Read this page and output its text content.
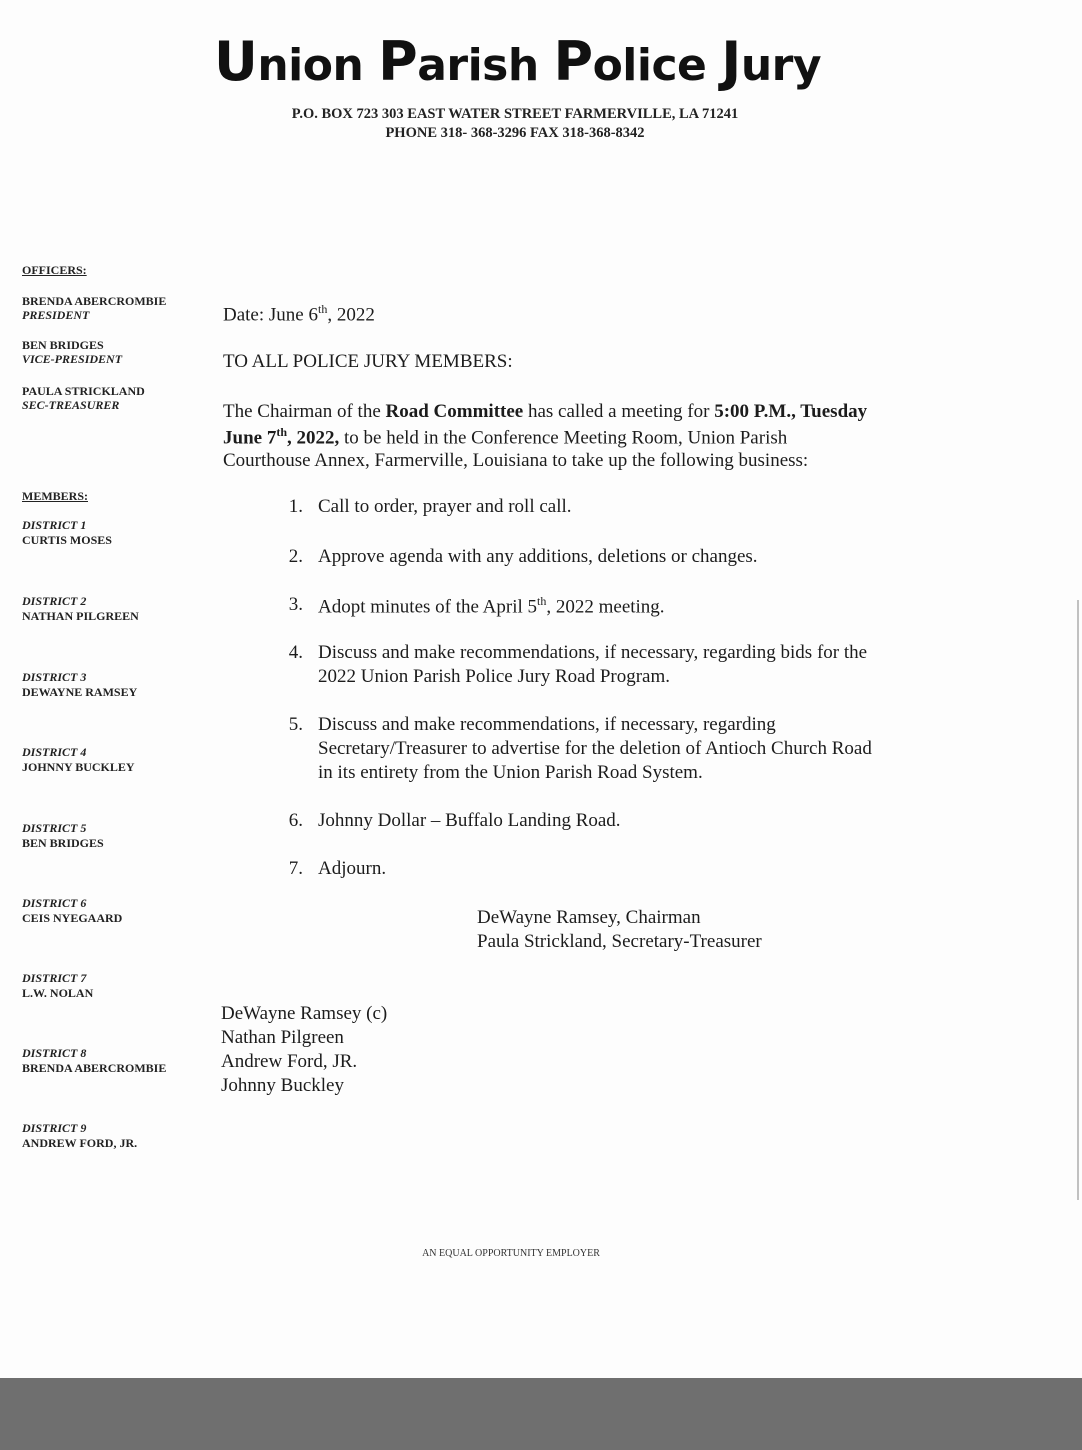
Union Parish Police Jury
P.O. BOX 723 303 EAST WATER STREET FARMERVILLE, LA 71241
PHONE 318- 368-3296 FAX 318-368-8342
OFFICERS:
BRENDA ABERCROMBIE
PRESIDENT
BEN BRIDGES
VICE-PRESIDENT
PAULA STRICKLAND
SEC-TREASURER
MEMBERS:
DISTRICT 1
CURTIS MOSES
DISTRICT 2
NATHAN PILGREEN
DISTRICT 3
DEWAYNE RAMSEY
DISTRICT 4
JOHNNY BUCKLEY
DISTRICT 5
BEN BRIDGES
DISTRICT 6
CEIS NYEGAARD
DISTRICT 7
L.W. NOLAN
DISTRICT 8
BRENDA ABERCROMBIE
DISTRICT 9
ANDREW FORD, JR.
Date: June 6th, 2022
TO ALL POLICE JURY MEMBERS:
The Chairman of the Road Committee has called a meeting for 5:00 P.M., Tuesday
June 7th, 2022, to be held in the Conference Meeting Room, Union Parish
Courthouse Annex, Farmerville, Louisiana to take up the following business:
1. Call to order, prayer and roll call.
2. Approve agenda with any additions, deletions or changes.
3. Adopt minutes of the April 5th, 2022 meeting.
4. Discuss and make recommendations, if necessary, regarding bids for the
2022 Union Parish Police Jury Road Program.
5. Discuss and make recommendations, if necessary, regarding
Secretary/Treasurer to advertise for the deletion of Antioch Church Road
in its entirety from the Union Parish Road System.
6. Johnny Dollar – Buffalo Landing Road.
7. Adjourn.
DeWayne Ramsey, Chairman
Paula Strickland, Secretary-Treasurer
DeWayne Ramsey (c)
Nathan Pilgreen
Andrew Ford, JR.
Johnny Buckley
AN EQUAL OPPORTUNITY EMPLOYER
